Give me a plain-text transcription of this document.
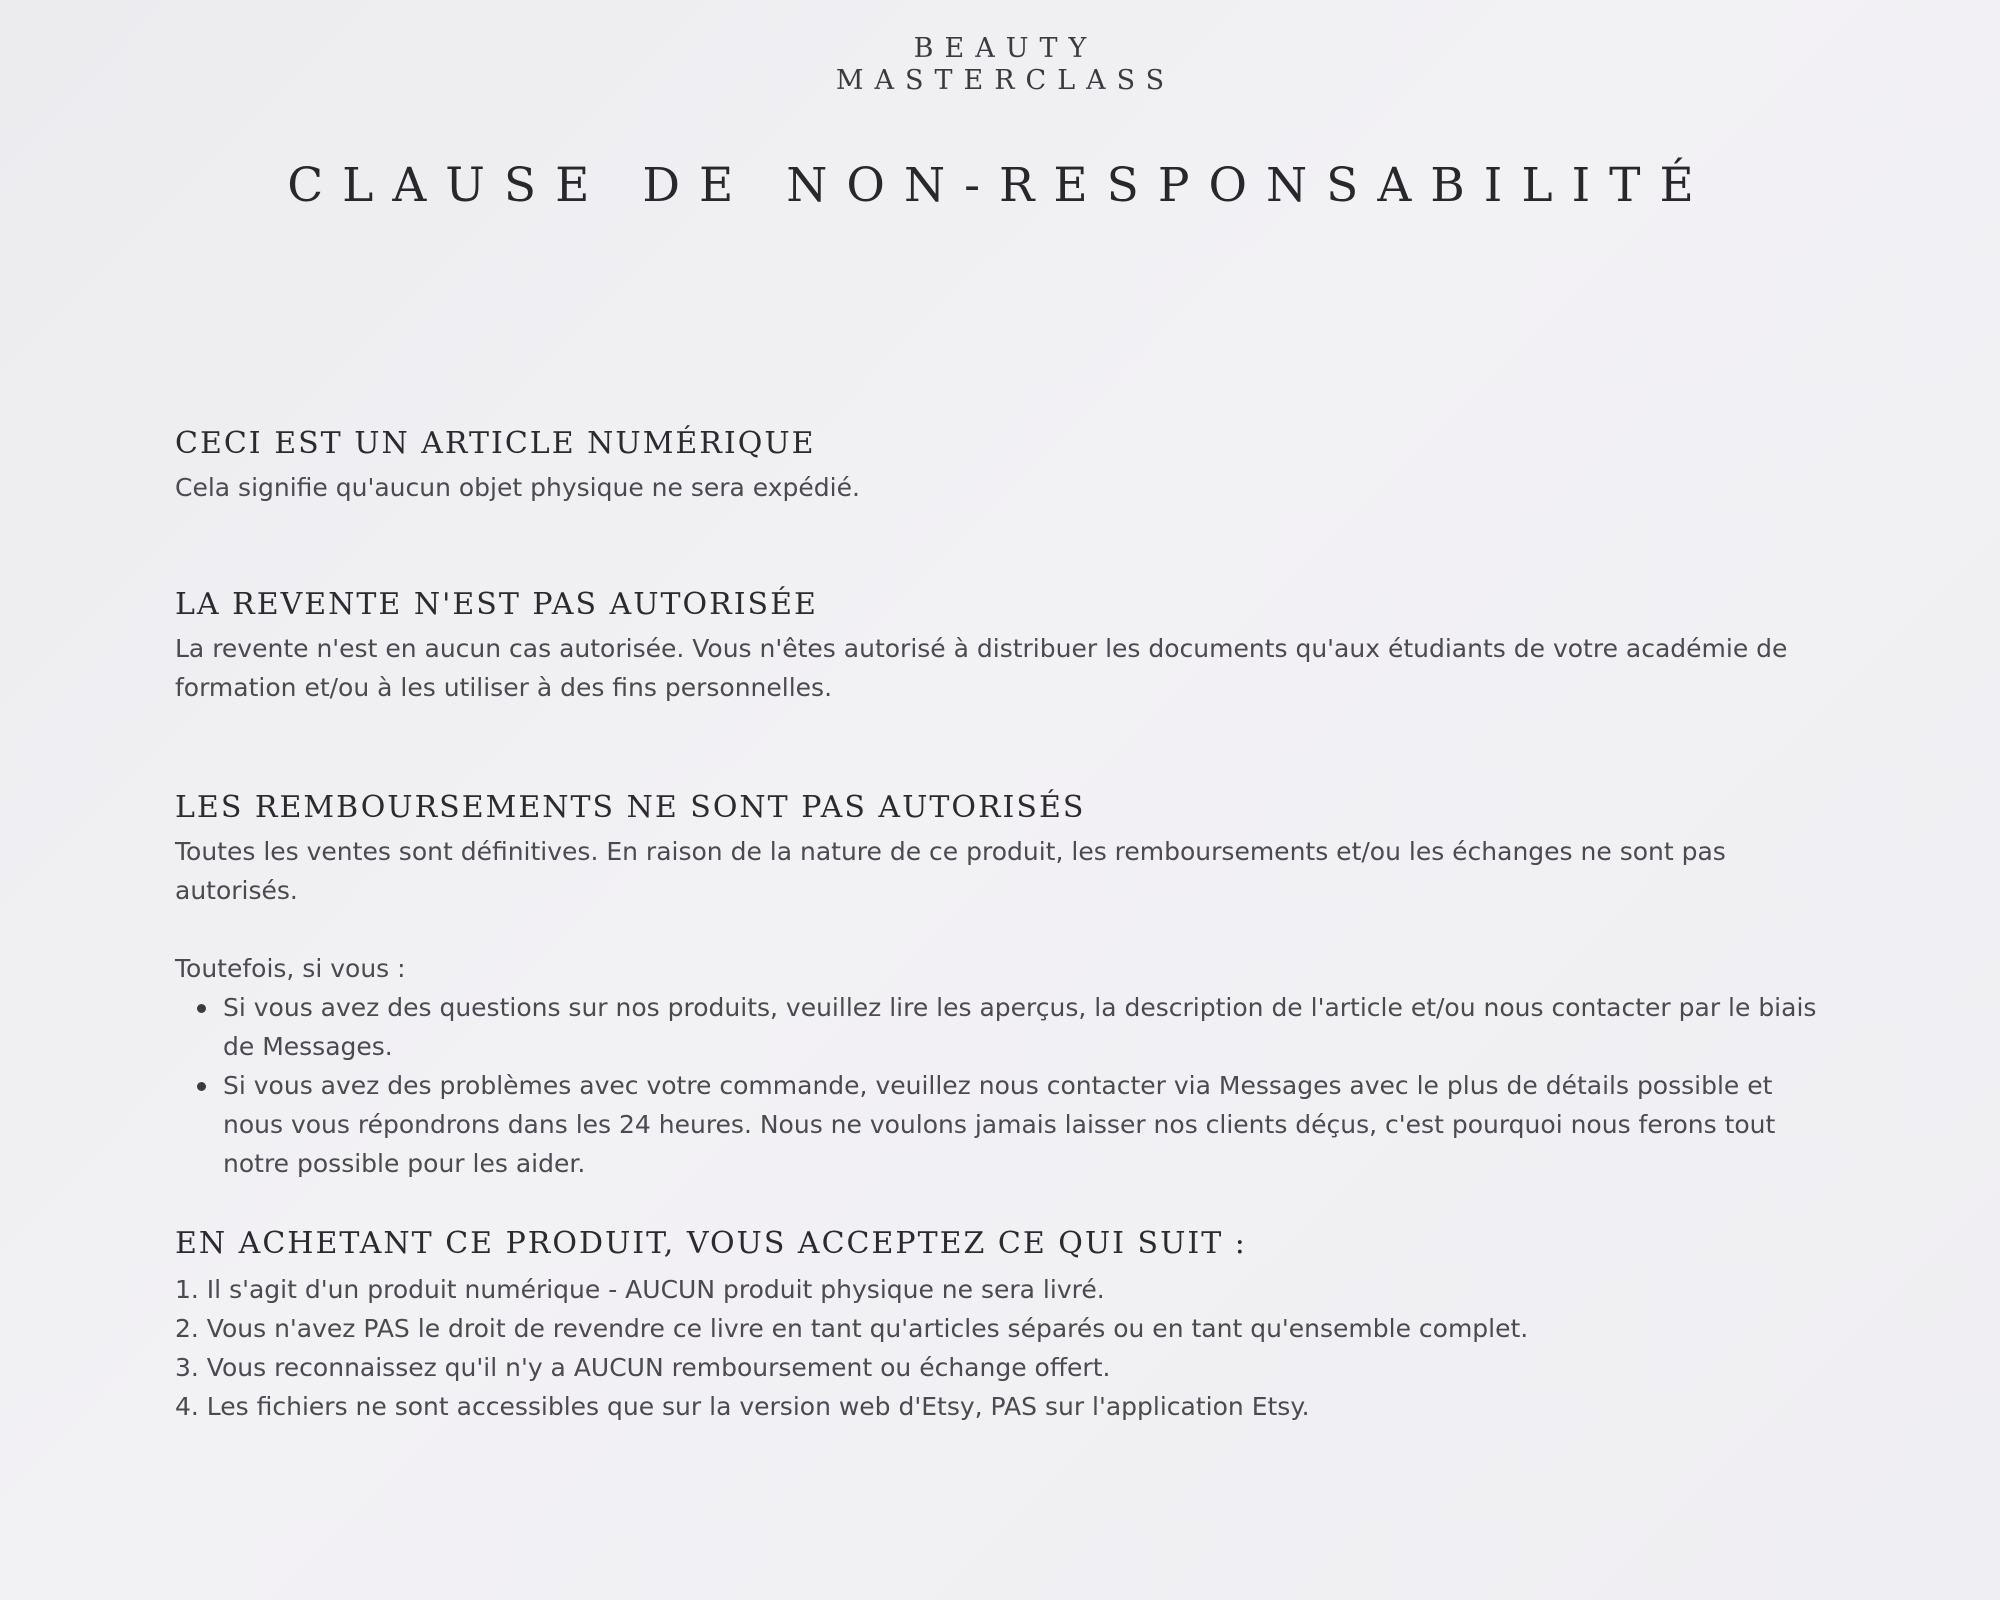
BEAUTY
MASTERCLASS
CLAUSE DE NON-RESPONSABILITÉ
CECI EST UN ARTICLE NUMÉRIQUE

Cela signifie qu'aucun objet physique ne sera expédié.

LA REVENTE N'EST PAS AUTORISÉE

La revente n'est en aucun cas autorisée. Vous n'êtes autorisé à distribuer les documents qu'aux étudiants de votre académie de formation et/ou à les utiliser à des fins personnelles.

LES REMBOURSEMENTS NE SONT PAS AUTORISÉS

Toutes les ventes sont définitives. En raison de la nature de ce produit, les remboursements et/ou les échanges ne sont pas autorisés.

Toutefois, si vous :

Si vous avez des questions sur nos produits, veuillez lire les aperçus, la description de l'article et/ou nous contacter par le biais de Messages.
Si vous avez des problèmes avec votre commande, veuillez nous contacter via Messages avec le plus de détails possible et nous vous répondrons dans les 24 heures. Nous ne voulons jamais laisser nos clients déçus, c'est pourquoi nous ferons tout notre possible pour les aider.
EN ACHETANT CE PRODUIT, VOUS ACCEPTEZ CE QUI SUIT :
1. Il s'agit d'un produit numérique - AUCUN produit physique ne sera livré.
2. Vous n'avez PAS le droit de revendre ce livre en tant qu'articles séparés ou en tant qu'ensemble complet.
3. Vous reconnaissez qu'il n'y a AUCUN remboursement ou échange offert.
4. Les fichiers ne sont accessibles que sur la version web d'Etsy, PAS sur l'application Etsy.
